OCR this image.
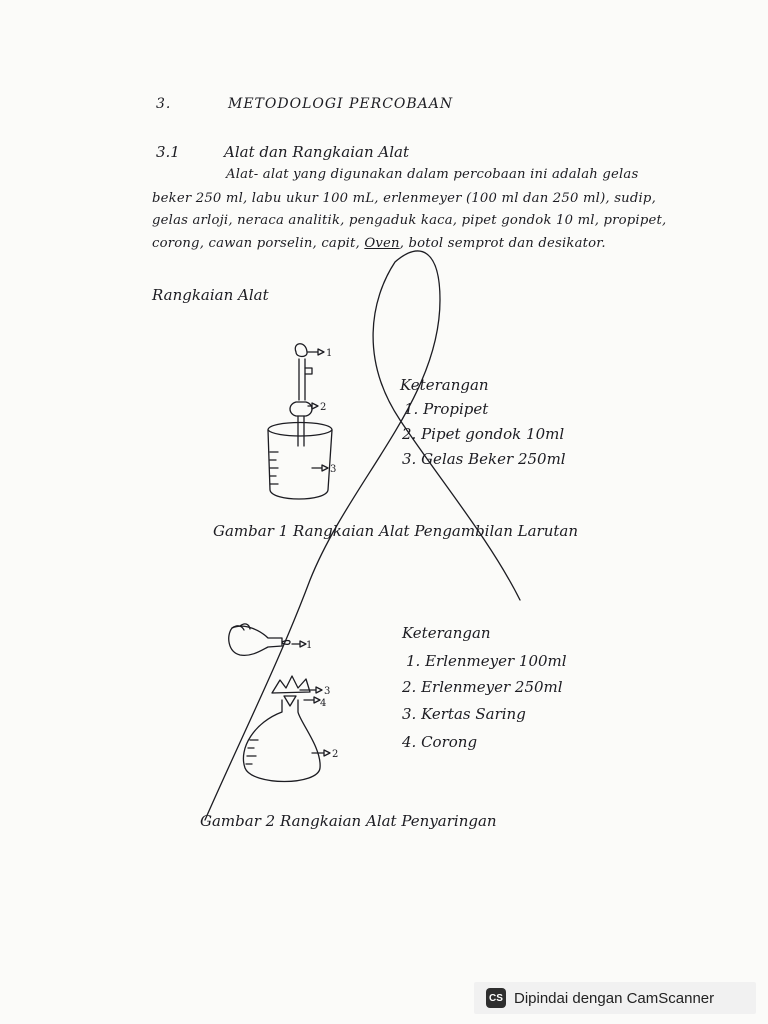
3.	METODOLOGI PERCOBAAN
3.1	Alat dan Rangkaian Alat
Alat- alat yang digunakan dalam percobaan ini adalah gelas
beker 250 ml, labu ukur 100 mL, erlenmeyer (100 ml dan 250 ml), sudip,
gelas arloji, neraca analitik, pengaduk kaca, pipet gondok 10 ml, propipet,
corong, cawan porselin, capit, Oven, botol semprot dan desikator.
Rangkaian Alat
1
2
3
1
2
3
4
Keterangan
1. Propipet
2. Pipet gondok 10ml
3. Gelas Beker 250ml
Gambar 1 Rangkaian Alat Pengambilan Larutan
Keterangan
1. Erlenmeyer 100ml
2. Erlenmeyer 250ml
3. Kertas Saring
4. Corong
Gambar 2 Rangkaian Alat Penyaringan
CS Dipindai dengan CamScanner
